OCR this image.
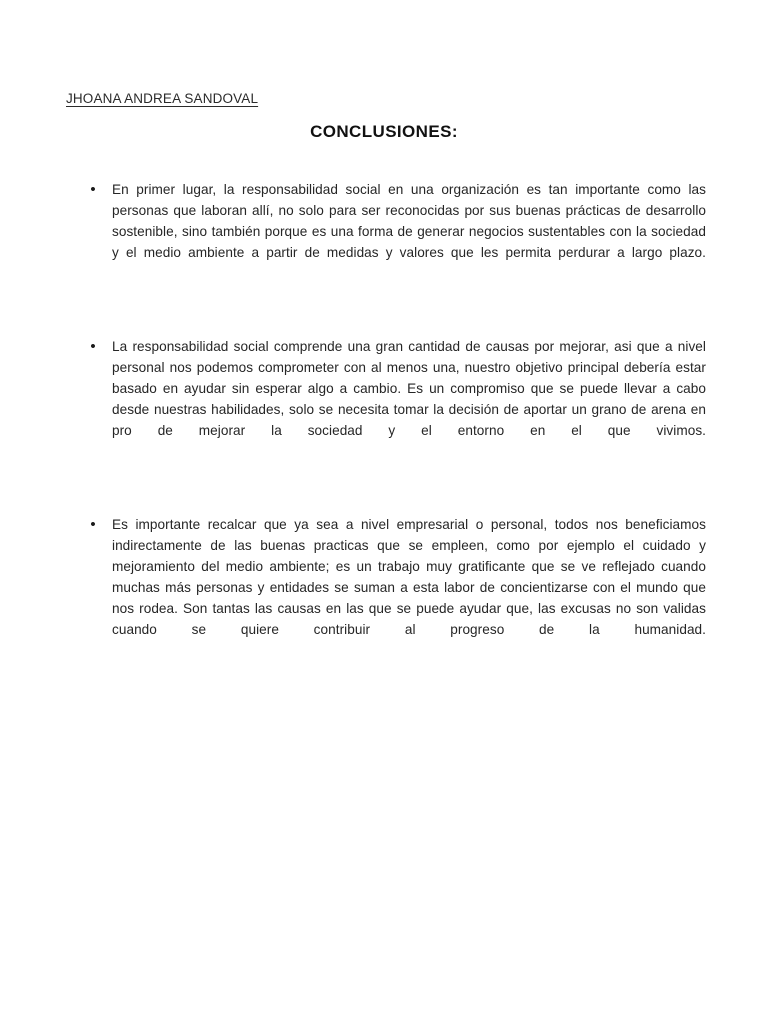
JHOANA ANDREA SANDOVAL
CONCLUSIONES:
• En primer lugar, la responsabilidad social en una organización es tan importante como las personas que laboran allí, no solo para ser reconocidas por sus buenas prácticas de desarrollo sostenible, sino también porque es una forma de generar negocios sustentables con la sociedad y el medio ambiente a partir de medidas y valores que les permita perdurar a largo plazo.
• La responsabilidad social comprende una gran cantidad de causas por mejorar, asi que a nivel personal nos podemos comprometer con al menos una, nuestro objetivo principal debería estar basado en ayudar sin esperar algo a cambio. Es un compromiso que se puede llevar a cabo desde nuestras habilidades, solo se necesita tomar la decisión de aportar un grano de arena en pro de mejorar la sociedad y el entorno en el que vivimos.
• Es importante recalcar que ya sea a nivel empresarial o personal, todos nos beneficiamos indirectamente de las buenas practicas que se empleen, como por ejemplo el cuidado y mejoramiento del medio ambiente; es un trabajo muy gratificante que se ve reflejado cuando muchas más personas y entidades se suman a esta labor de concientizarse con el mundo que nos rodea. Son tantas las causas en las que se puede ayudar que, las excusas no son validas cuando se quiere contribuir al progreso de la humanidad.
